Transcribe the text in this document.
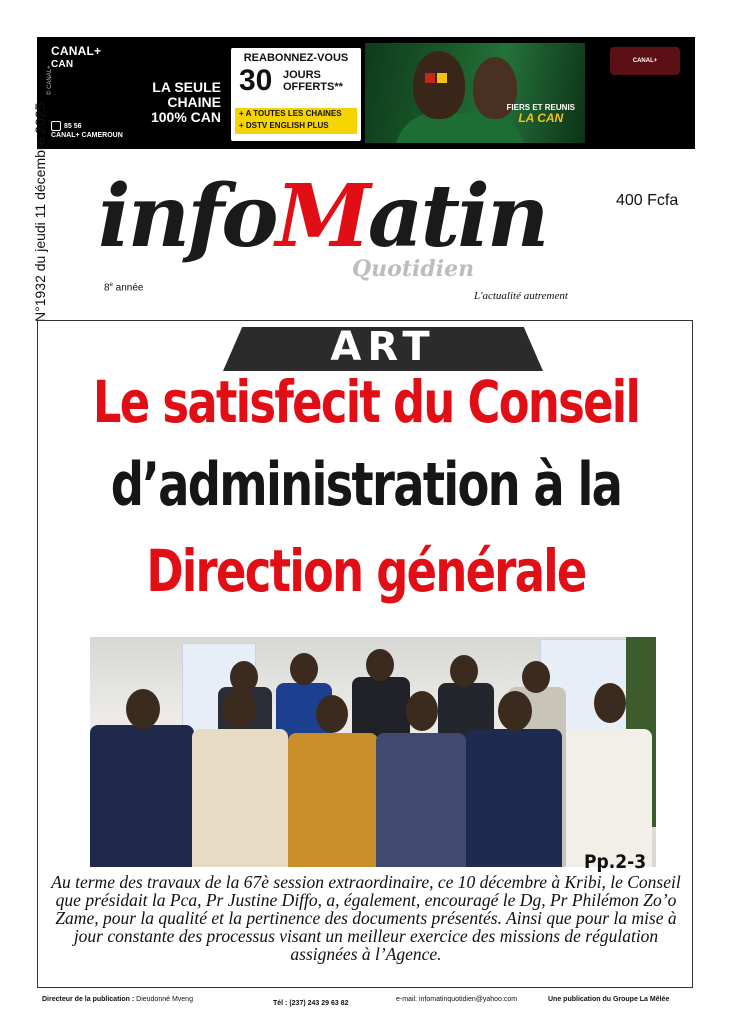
CANAL+
CAN
© CANAL+	LA SEULE CHAINE
100% CAN
85 56
CANAL+ CAMEROUN
REABONNEZ-VOUS
30 JOURS
OFFERTS**
+ A TOUTES LES CHAINES
+ DSTV ENGLISH PLUS
FIERS ET REUNIS
LA CAN
CANAL+
N°1932 du jeudi 11 décembre 2025 infoMatin
Quotidien
8e année
L'actualité autrement
400 Fcfa
ART
Le satisfecit du Conseil
d’administration à la
Direction générale
Pp.2-3
Au terme des travaux de la 67è session extraordinaire, ce 10 décembre à Kribi, le Conseil que présidait la Pca, Pr Justine Diffo, a, également, encouragé le Dg, Pr Philémon Zo’o Zame, pour la qualité et la pertinence des documents présentés. Ainsi que pour la mise à jour constante des processus visant un meilleur exercice des missions de régulation assignées à l’Agence.
Directeur de la publication : Dieudonné Mveng
Tél : (237) 243 29 63 82
e-mail: infomatinquotidien@yahoo.com	Une publication du Groupe La Mêlée
